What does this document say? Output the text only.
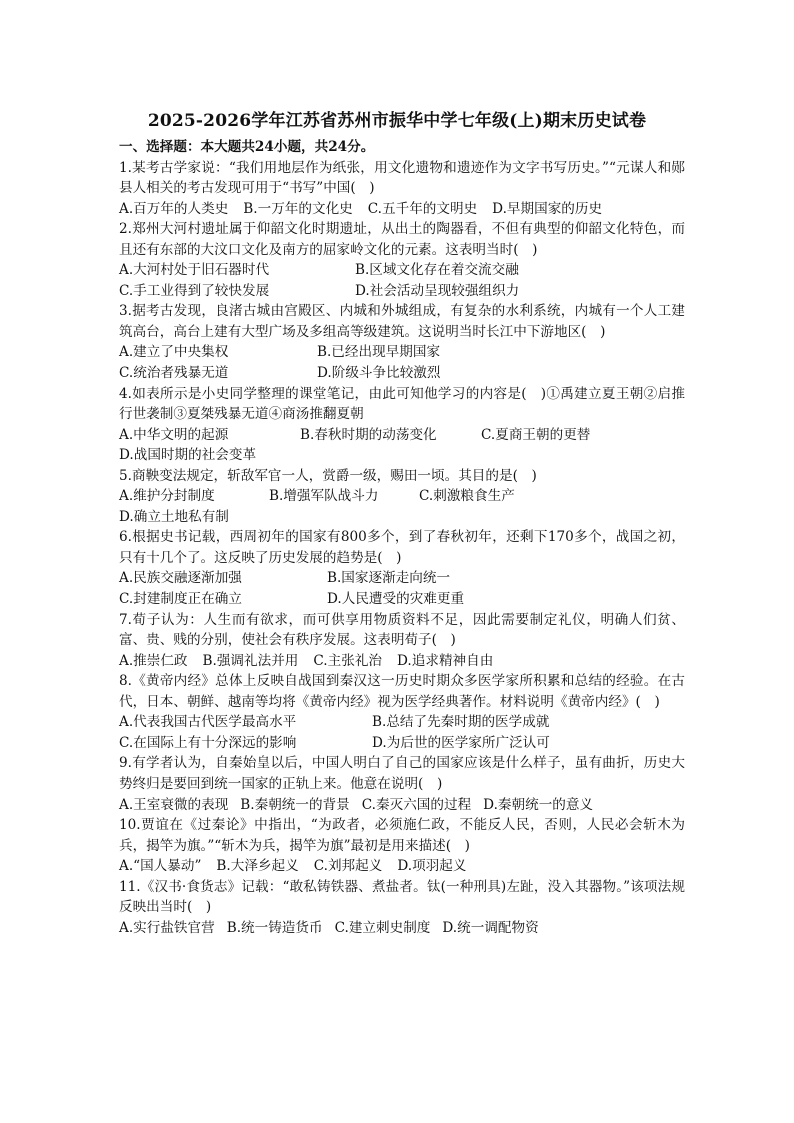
2025-2026学年江苏省苏州市振华中学七年级(上)期末历史试卷
一、选择题：本大题共24小题，共24分。
1.某考古学家说：“我们用地层作为纸张，用文化遗物和遗迹作为文字书写历史。”“元谋人和郧县人相关的考古发现可用于“书写”中国(　)
A.百万年的人类史 B.一万年的文化史 C.五千年的文明史 D.早期国家的历史
2.郑州大河村遗址属于仰韶文化时期遗址，从出土的陶器看，不但有典型的仰韶文化特色，而且还有东部的大汶口文化及南方的屈家岭文化的元素。这表明当时(　)
A.大河村处于旧石器时代	B.区域文化存在着交流交融
C.手工业得到了较快发展	D.社会活动呈现较强组织力
3.据考古发现，良渚古城由宫殿区、内城和外城组成，有复杂的水利系统，内城有一个人工建筑高台，高台上建有大型广场及多组高等级建筑。这说明当时长江中下游地区(　)
A.建立了中央集权	B.已经出现早期国家
C.统治者残暴无道	D.阶级斗争比较激烈
4.如表所示是小史同学整理的课堂笔记，由此可知他学习的内容是(　)①禹建立夏王朝②启推行世袭制③夏桀残暴无道④商汤推翻夏朝
A.中华文明的起源	B.春秋时期的动荡变化	C.夏商王朝的更替
D.战国时期的社会变革
5.商鞅变法规定，斩敌军官一人，赏爵一级，赐田一顷。其目的是(　)
A.维护分封制度	B.增强军队战斗力	C.刺激粮食生产
D.确立土地私有制
6.根据史书记载，西周初年的国家有800多个，到了春秋初年，还剩下170多个，战国之初，只有十几个了。这反映了历史发展的趋势是(　)
A.民族交融逐渐加强	B.国家逐渐走向统一
C.封建制度正在确立	D.人民遭受的灾难更重
7.荀子认为：人生而有欲求，而可供享用物质资料不足，因此需要制定礼仪，明确人们贫、富、贵、贱的分别，使社会有秩序发展。这表明荀子(　)
A.推崇仁政 B.强调礼法并用 C.主张礼治 D.追求精神自由
8.《黄帝内经》总体上反映自战国到秦汉这一历史时期众多医学家所积累和总结的经验。在古代，日本、朝鲜、越南等均将《黄帝内经》视为医学经典著作。材料说明《黄帝内经》(　)
A.代表我国古代医学最高水平	B.总结了先秦时期的医学成就
C.在国际上有十分深远的影响	D.为后世的医学家所广泛认可
9.有学者认为，自秦始皇以后，中国人明白了自己的国家应该是什么样子，虽有曲折，历史大势终归是要回到统一国家的正轨上来。他意在说明(　)
A.王室衰微的表现 B.秦朝统一的背景 C.秦灭六国的过程 D.秦朝统一的意义
10.贾谊在《过秦论》中指出，“为政者，必须施仁政，不能反人民，否则，人民必会斩木为兵，揭竿为旗。”“斩木为兵，揭竿为旗”最初是用来描述(　)
A.“国人暴动” B.大泽乡起义 C.刘邦起义 D.项羽起义
11.《汉书·食货志》记载：“敢私铸铁器、煮盐者。钛(一种刑具)左趾，没入其器物。”该项法规反映出当时(　)
A.实行盐铁官营 B.统一铸造货币 C.建立刺史制度 D.统一调配物资
